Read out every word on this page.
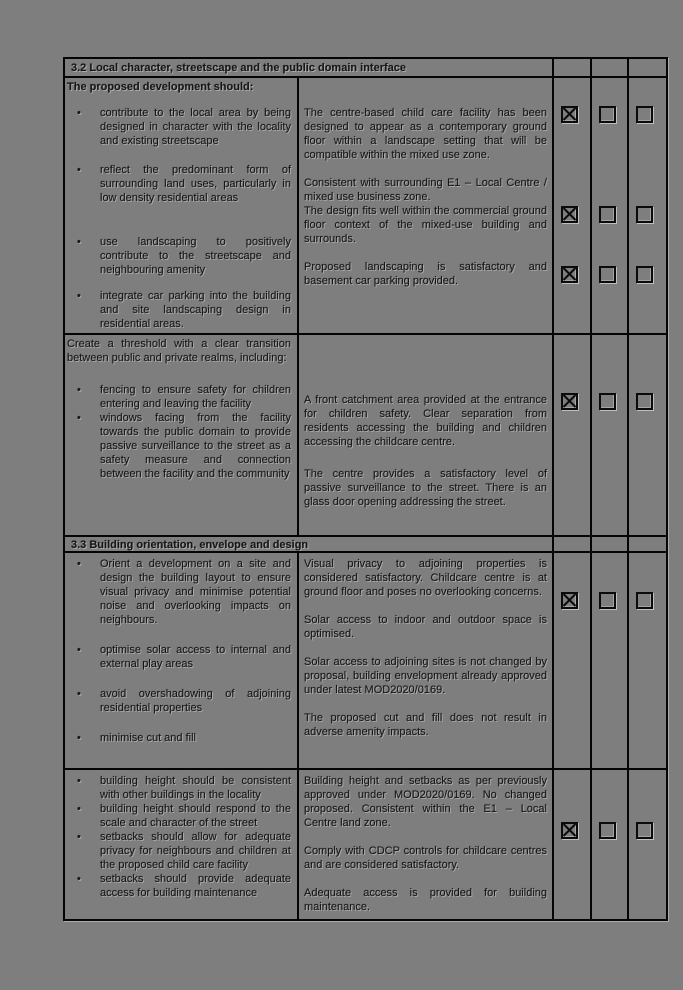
3.2 Local character, streetscape and the public domain interface
The proposed development should:
• contribute to the local area by being designed in character with the locality and existing streetscape
• reflect the predominant form of surrounding land uses, particularly in low density residential areas
• use landscaping to positively contribute to the streetscape and neighbouring amenity
• integrate car parking into the building and site landscaping design in residential areas.

The centre-based child care facility has been designed to appear as a contemporary ground floor within a landscape setting that will be compatible within the mixed use zone.

Consistent with surrounding E1 – Local Centre / mixed use business zone.

The design fits well within the commercial ground floor context of the mixed-use building and surrounds.

Proposed landscaping is satisfactory and basement car parking provided.

Create a threshold with a clear transition between public and private realms, including:
• fencing to ensure safety for children entering and leaving the facility
• windows facing from the facility towards the public domain to provide passive surveillance to the street as a safety measure and connection between the facility and the community

A front catchment area provided at the entrance for children safety. Clear separation from residents accessing the building and children accessing the childcare centre.

The centre provides a satisfactory level of passive surveillance to the street. There is an glass door opening addressing the street.

3.3 Building orientation, envelope and design
• Orient a development on a site and design the building layout to ensure visual privacy and minimise potential noise and overlooking impacts on neighbours.
• optimise solar access to internal and external play areas
• avoid overshadowing of adjoining residential properties
• minimise cut and fill

Visual privacy to adjoining properties is considered satisfactory. Childcare centre is at ground floor and poses no overlooking concerns.

Solar access to indoor and outdoor space is optimised.

Solar access to adjoining sites is not changed by proposal, building envelopment already approved under latest MOD2020/0169.

The proposed cut and fill does not result in adverse amenity impacts.

• building height should be consistent with other buildings in the locality
• building height should respond to the scale and character of the street
• setbacks should allow for adequate privacy for neighbours and children at the proposed child care facility
• setbacks should provide adequate access for building maintenance

Building height and setbacks as per previously approved under MOD2020/0169. No changed proposed. Consistent within the E1 – Local Centre land zone.

Comply with CDCP controls for childcare centres and are considered satisfactory.

Adequate access is provided for building maintenance.
